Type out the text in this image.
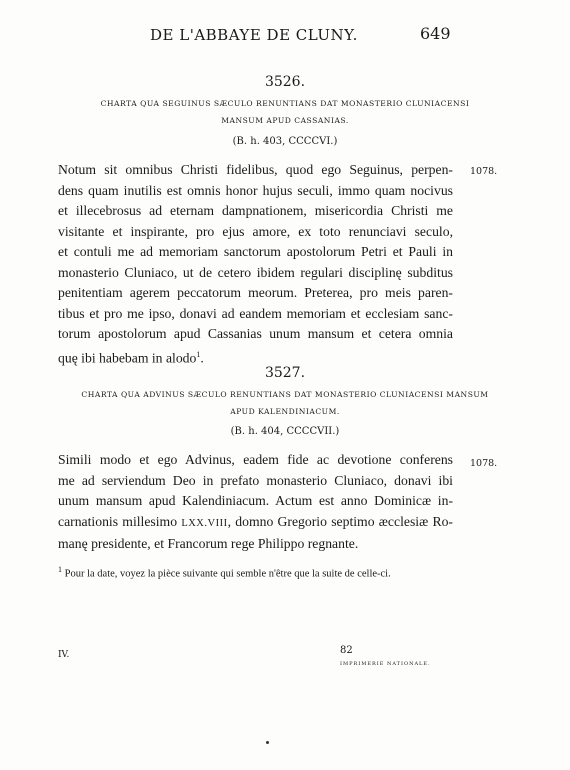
DE L'ABBAYE DE CLUNY.	649
3526.
CHARTA QUA SEGUINUS SÆCULO RENUNTIANS DAT MONASTERIO CLUNIACENSI
MANSUM APUD CASSANIAS.
(B. h. 403, CCCCVI.)
1078.
Notum sit omnibus Christi fidelibus, quod ego Seguinus, perpen-
dens quam inutilis est omnis honor hujus seculi, immo quam nocivus
et illecebrosus ad eternam dampnationem, misericordia Christi me
visitante et inspirante, pro ejus amore, ex toto renunciavi seculo,
et contuli me ad memoriam sanctorum apostolorum Petri et Pauli in
monasterio Cluniaco, ut de cetero ibidem regulari disciplinę subditus
penitentiam agerem peccatorum meorum. Preterea, pro meis paren-
tibus et pro me ipso, donavi ad eandem memoriam et ecclesiam sanc-
torum apostolorum apud Cassanias unum mansum et cetera omnia
quę ibi habebam in alodo$^1$.
3527.
CHARTA QUA ADVINUS SÆCULO RENUNTIANS DAT MONASTERIO CLUNIACENSI MANSUM
APUD KALENDINIACUM.
(B. h. 404, CCCCVII.)
1078.
Simili modo et ego Advinus, eadem fide ac devotione conferens
me ad serviendum Deo in prefato monasterio Cluniaco, donavi ibi
unum mansum apud Kalendiniacum. Actum est anno Dominicæ in-
carnationis millesimo LXX.VIII, domno Gregorio septimo æcclesiæ Ro-
manę presidente, et Francorum rege Philippo regnante.
$^1$ Pour la date, voyez la pièce suivante qui semble n'être que la suite de celle-ci.
IV.	82
IMPRIMERIE NATIONALE.
